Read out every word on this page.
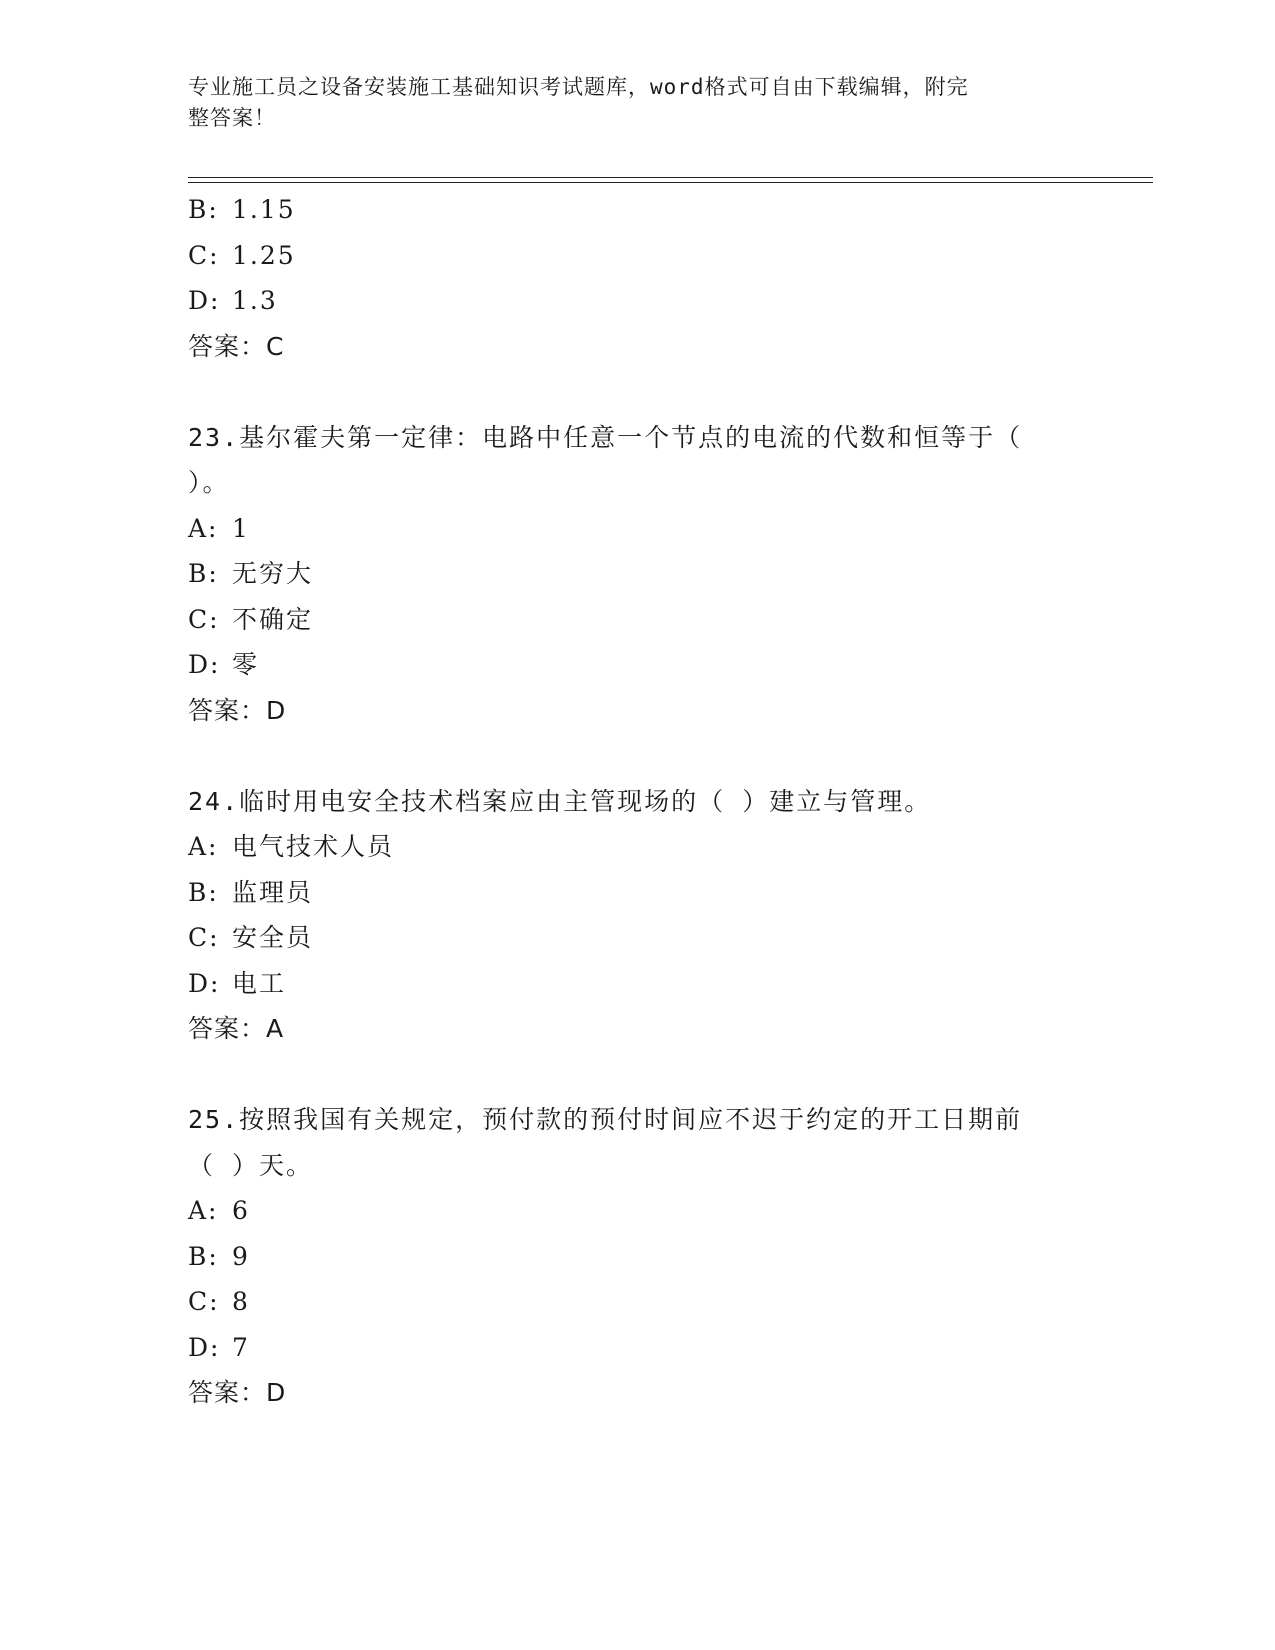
专业施工员之设备安装施工基础知识考试题库，word格式可自由下载编辑，附完
整答案！
B: 1.15
C: 1.25
D: 1.3
答案：C
23.基尔霍夫第一定律：电路中任意一个节点的电流的代数和恒等于（
）。
A: 1
B: 无穷大
C: 不确定
D: 零
答案：D
24.临时用电安全技术档案应由主管现场的（ ）建立与管理。
A: 电气技术人员
B: 监理员
C: 安全员
D: 电工
答案：A
25.按照我国有关规定，预付款的预付时间应不迟于约定的开工日期前
（ ）天。
A: 6
B: 9
C: 8
D: 7
答案：D
